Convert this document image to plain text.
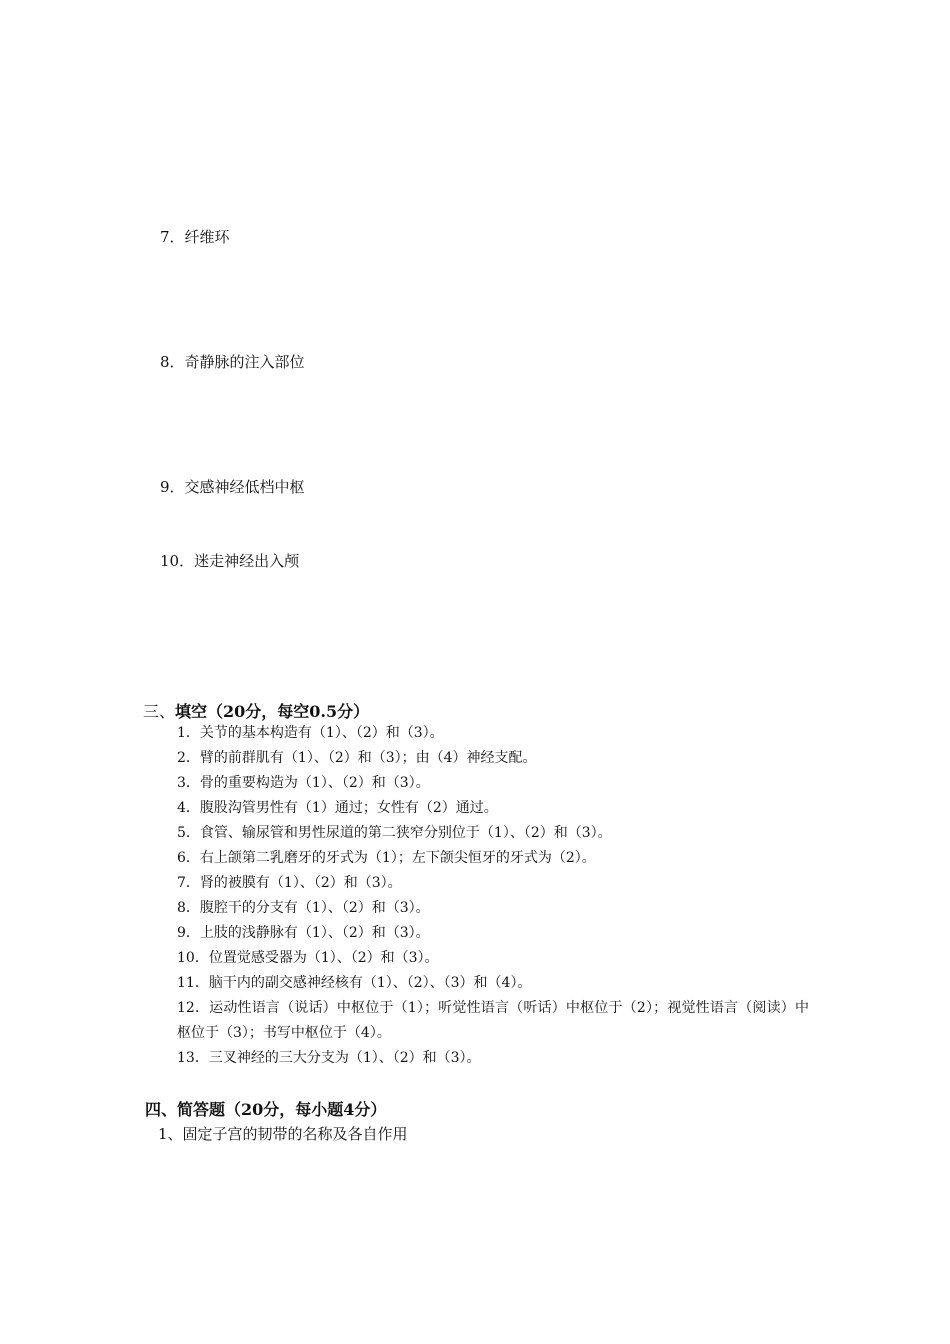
7．纤维环
8．奇静脉的注入部位
9．交感神经低档中枢
10．迷走神经出入颅
三、填空（20分，每空0.5分）
1．关节的基本构造有（1）、（2）和（3）。
2．臂的前群肌有（1）、（2）和（3）；由（4）神经支配。
3．骨的重要构造为（1）、（2）和（3）。
4．腹股沟管男性有（1）通过；女性有（2）通过。
5．食管、输尿管和男性尿道的第二狭窄分别位于（1）、（2）和（3）。
6．右上颌第二乳磨牙的牙式为（1）；左下颌尖恒牙的牙式为（2）。
7．肾的被膜有（1）、（2）和（3）。
8．腹腔干的分支有（1）、（2）和（3）。
9．上肢的浅静脉有（1）、（2）和（3）。
10．位置觉感受器为（1）、（2）和（3）。
11．脑干内的副交感神经核有（1）、（2）、（3）和（4）。
12．运动性语言（说话）中枢位于（1）；听觉性语言（听话）中枢位于（2）；视觉性语言（阅读）中枢位于（3）；书写中枢位于（4）。
13．三叉神经的三大分支为（1）、（2）和（3）。
四、简答题（20分，每小题4分）
1、固定子宫的韧带的名称及各自作用
